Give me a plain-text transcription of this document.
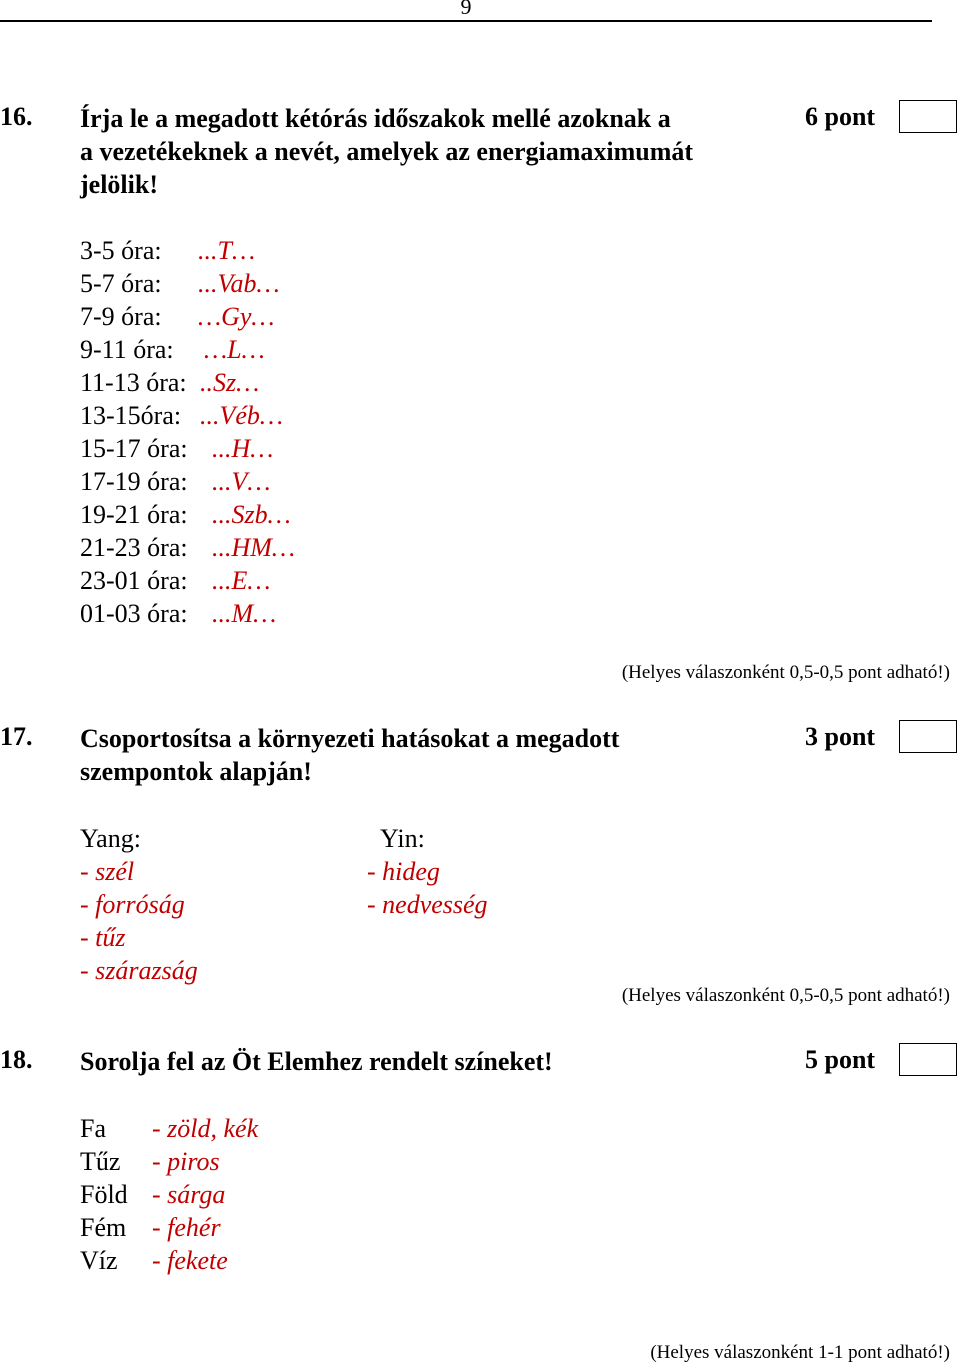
9
16. Írja le a megadott kétórás időszakok mellé azoknak a
a vezetékeknek a nevét, amelyek az energiamaximumát
jelölik!
6 pont
3-5 óra: ...T…
5-7 óra: ...Vab…
7-9 óra: …Gy…
9-11 óra: …L…
11-13 óra: ..Sz…
13-15óra: ...Véb…
15-17 óra: ...H…
17-19 óra: ...V…
19-21 óra: ...Szb…
21-23 óra: ...HM…
23-01 óra: ...E…
01-03 óra: ...M…
(Helyes válaszonként 0,5-0,5 pont adható!)
17. Csoportosítsa a környezeti hatásokat a megadott
szempontok alapján!
3 pont
Yang:
- szél
- forróság
- tűz
- szárazság
Yin:
- hideg
- nedvesség
(Helyes válaszonként 0,5-0,5 pont adható!)
18. Sorolja fel az Öt Elemhez rendelt színeket!	5 pont
Fa - zöld, kék
Tűz - piros
Föld - sárga
Fém - fehér
Víz - fekete
(Helyes válaszonként 1-1 pont adható!)
